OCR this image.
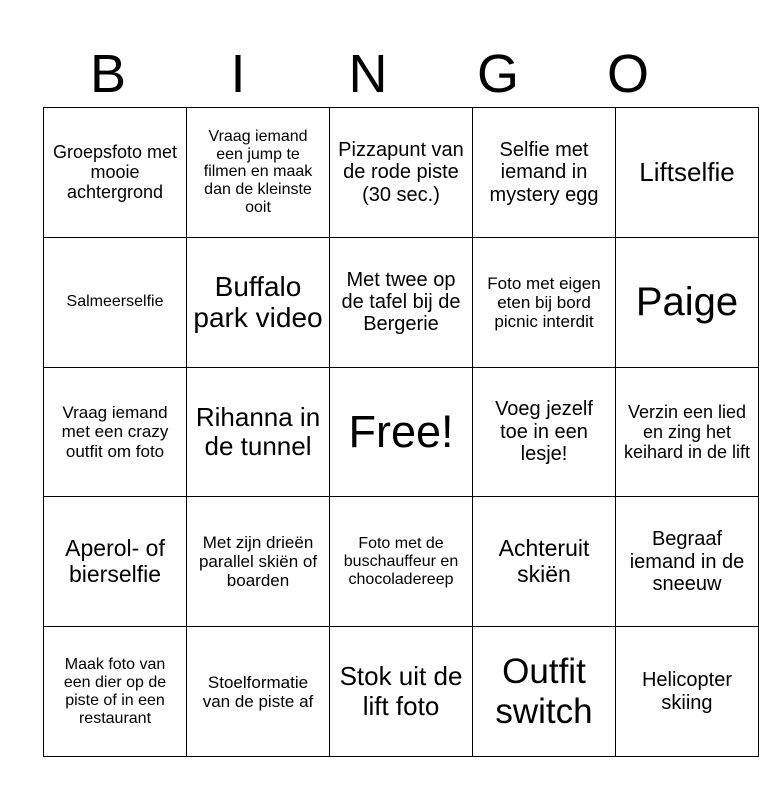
B	I	N	G	O
Groepsfoto met mooie achtergrond	Vraag iemand een jump te filmen en maak dan de kleinste ooit	Pizzapunt van de rode piste (30 sec.)	Selfie met iemand in mystery egg	Liftselfie
Salmeerselfie	Buffalo park video	Met twee op de tafel bij de Bergerie	Foto met eigen eten bij bord picnic interdit	Paige
Vraag iemand met een crazy outfit om foto	Rihanna in de tunnel	Free!	Voeg jezelf toe in een lesje!	Verzin een lied en zing het keihard in de lift
Aperol- of bierselfie	Met zijn drieën parallel skiën of boarden	Foto met de buschauffeur en chocoladereep	Achteruit skiën	Begraaf iemand in de sneeuw
Maak foto van een dier op de piste of in een restaurant	Stoelformatie van de piste af	Stok uit de lift foto	Outfit switch	Helicopter skiing
